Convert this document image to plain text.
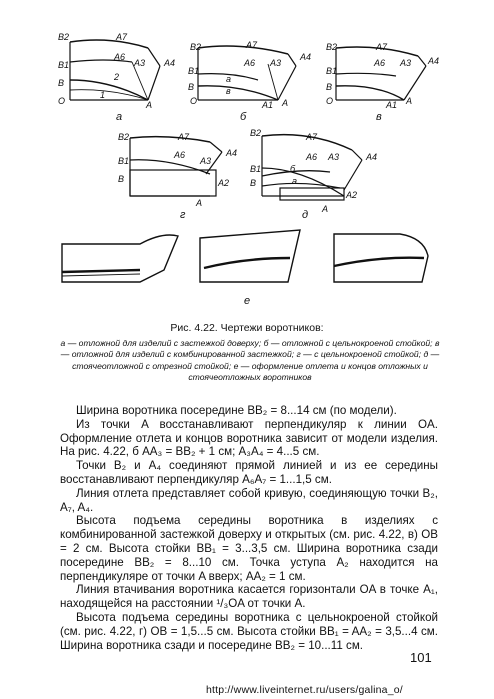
B2	A7
A6
A3 A4
B1
B
O	A
1
2
B2	A7
A6 A3
A4
B1
B
O	A1 A
a
в
B2	A7
A6 A3 A4
B1
B
O	A1 A
B2	A7
A6
A3
A4
B1
B	A2
A
B2	A7
A6 A3	A4
B1
B
A2
A
a
б
а	б	в
г	д
е
Рис. 4.22. Чертежи воротников:
а — отложной для изделий с застежкой доверху; б — отложной с цельнокроеной стойкой; в — отложной для изделий с комбинированной застежкой; г — с цельнокроеной стойкой; д — стоячеотложной с отрезной стойкой; е — оформление отлета и концов отложных и стоячеотложных воротников

Ширина воротника посередине BB₂ = 8...14 см (по модели).

Из точки A восстанавливают перпендикуляр к линии OA. Оформление отлета и концов воротника зависит от модели изделия. На рис. 4.22, б AA₃ = BB₂ + 1 см; A₃A₄ = 4...5 см.

Точки B₂ и A₄ соединяют прямой линией и из ее середины восстанавливают перпендикуляр A₆A₇ = 1...1,5 см.

Линия отлета представляет собой кривую, соединяющую точки B₂, A₇, A₄.

Высота подъема середины воротника в изделиях с комбинированной застежкой доверху и открытых (см. рис. 4.22, в) OB = 2 см. Высота стойки BB₁ = 3...3,5 см. Ширина воротника сзади посередине BB₂ = 8...10 см. Точка уступа A₂ находится на перпендикуляре от точки A вверх; AA₂ = 1 см.

Линия втачивания воротника касается горизонтали OA в точке A₁, находящейся на расстоянии ¹/₃OA от точки A.

Высота подъема середины воротника с цельнокроеной стойкой (см. рис. 4.22, г) OB = 1,5...5 см. Высота стойки BB₁ = AA₂ = 3,5...4 см. Ширина воротника сзади и посередине BB₂ = 10...11 см.

101
http://www.liveinternet.ru/users/galina_o/
